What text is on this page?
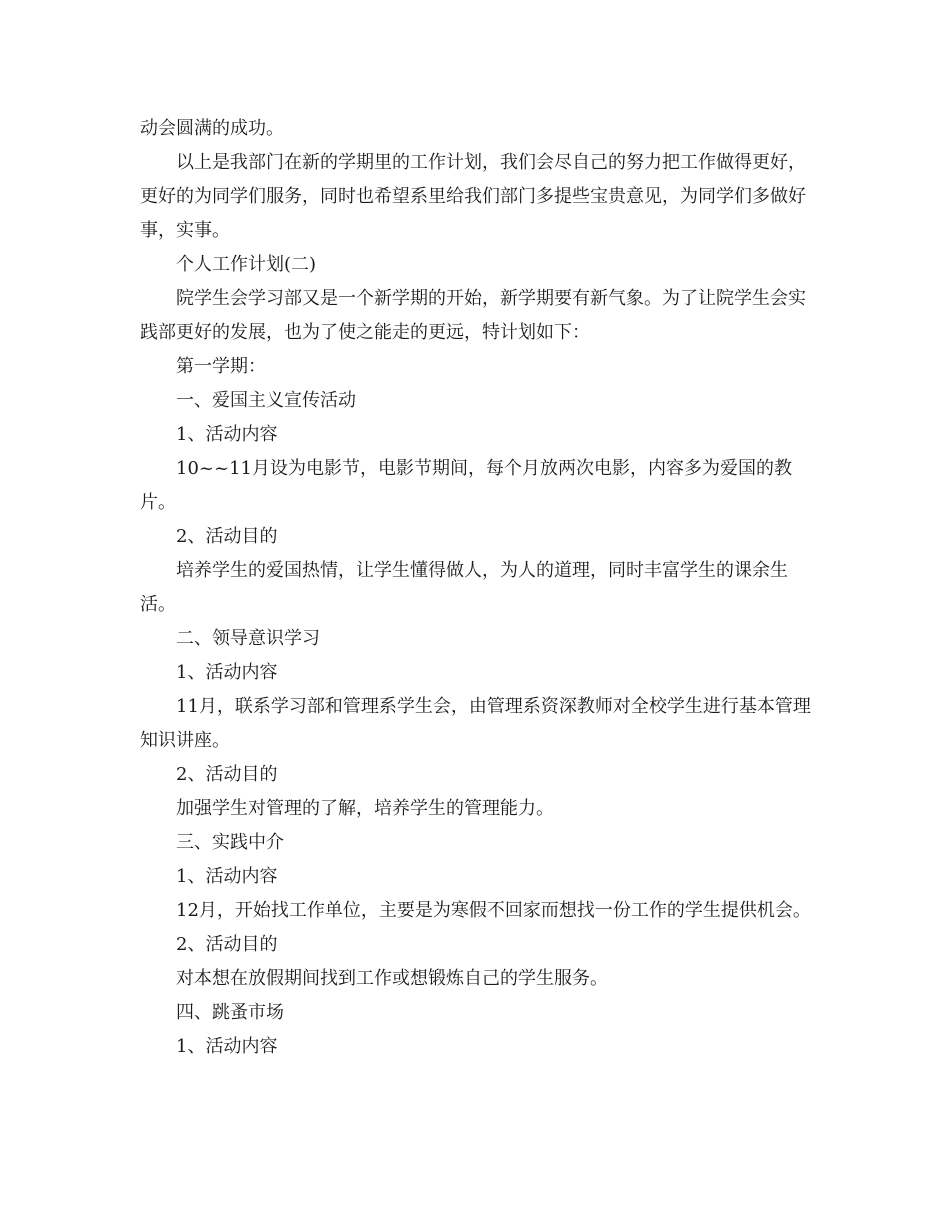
动会圆满的成功。

以上是我部门在新的学期里的工作计划，我们会尽自己的努力把工作做得更好，更好的为同学们服务，同时也希望系里给我们部门多提些宝贵意见，为同学们多做好事，实事。

个人工作计划(二)

院学生会学习部又是一个新学期的开始，新学期要有新气象。为了让院学生会实践部更好的发展，也为了使之能走的更远，特计划如下：

第一学期：

一、爱国主义宣传活动

1、活动内容

10~~11月设为电影节，电影节期间，每个月放两次电影，内容多为爱国的教片。

2、活动目的

培养学生的爱国热情，让学生懂得做人，为人的道理，同时丰富学生的课余生活。

二、领导意识学习

1、活动内容

11月，联系学习部和管理系学生会，由管理系资深教师对全校学生进行基本管理知识讲座。

2、活动目的

加强学生对管理的了解，培养学生的管理能力。

三、实践中介

1、活动内容

12月，开始找工作单位，主要是为寒假不回家而想找一份工作的学生提供机会。

2、活动目的

对本想在放假期间找到工作或想锻炼自己的学生服务。

四、跳蚤市场

1、活动内容
